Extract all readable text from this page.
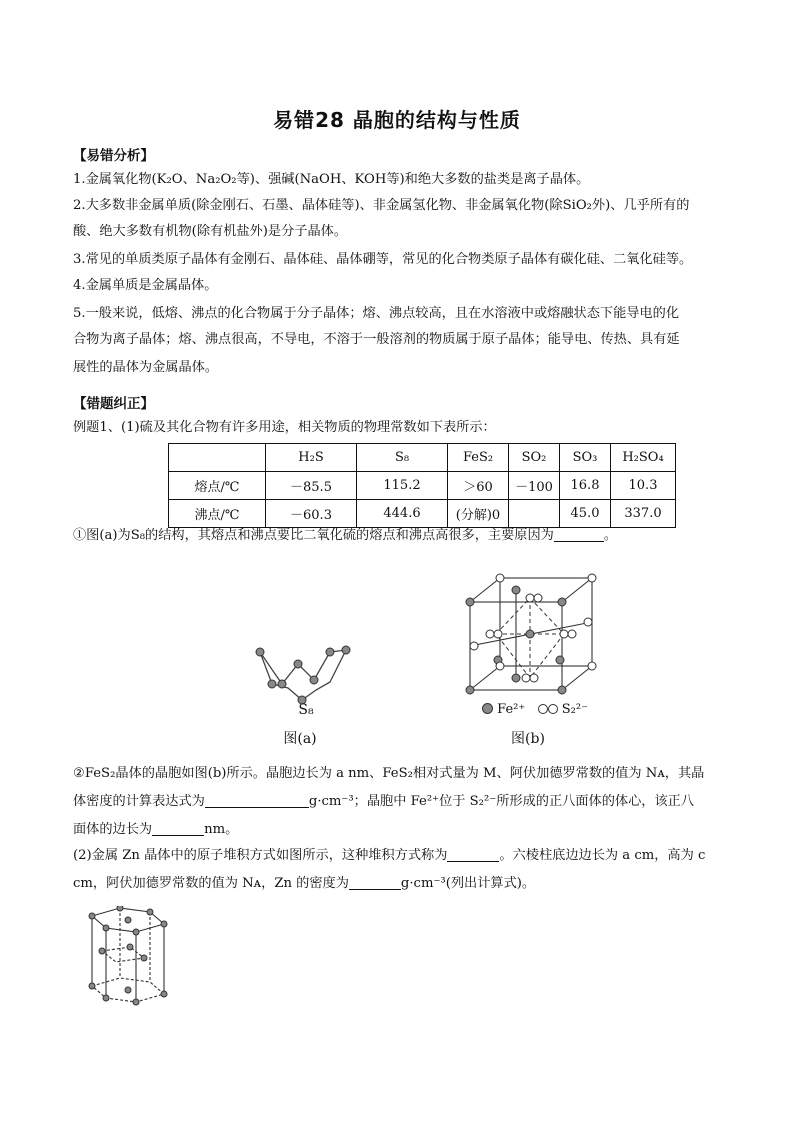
易错28 晶胞的结构与性质
【易错分析】
1.金属氧化物(K₂O、Na₂O₂等)、强碱(NaOH、KOH等)和绝大多数的盐类是离子晶体。
2.大多数非金属单质(除金刚石、石墨、晶体硅等)、非金属氢化物、非金属氧化物(除SiO₂外)、几乎所有的
酸、绝大多数有机物(除有机盐外)是分子晶体。
3.常见的单质类原子晶体有金刚石、晶体硅、晶体硼等，常见的化合物类原子晶体有碳化硅、二氧化硅等。
4.金属单质是金属晶体。
5.一般来说，低熔、沸点的化合物属于分子晶体；熔、沸点较高，且在水溶液中或熔融状态下能导电的化
合物为离子晶体；熔、沸点很高，不导电，不溶于一般溶剂的物质属于原子晶体；能导电、传热、具有延
展性的晶体为金属晶体。
【错题纠正】
例题1、(1)硫及其化合物有许多用途，相关物质的物理常数如下表所示：
	H₂S	S₈	FeS₂	SO₂	SO₃	H₂SO₄
熔点/℃	－85.5	115.2	＞60	－100	16.8	10.3
沸点/℃	－60.3	444.6	(分解)0		45.0	337.0
①图(a)为S₈的结构，其熔点和沸点要比二氧化硫的熔点和沸点高很多，主要原因为	。
S₈
图(a)
Fe²⁺	S₂²⁻
图(b)
②FeS₂晶体的晶胞如图(b)所示。晶胞边长为 a nm、FeS₂相对式量为 M、阿伏加德罗常数的值为 Nᴀ，其晶
体密度的计算表达式为	g·cm⁻³；晶胞中 Fe²⁺位于 S₂²⁻所形成的正八面体的体心，该正八
面体的边长为	nm。
(2)金属 Zn 晶体中的原子堆积方式如图所示，这种堆积方式称为	。六棱柱底边边长为 a cm，高为 c
cm，阿伏加德罗常数的值为 Nᴀ，Zn 的密度为	g·cm⁻³(列出计算式)。
